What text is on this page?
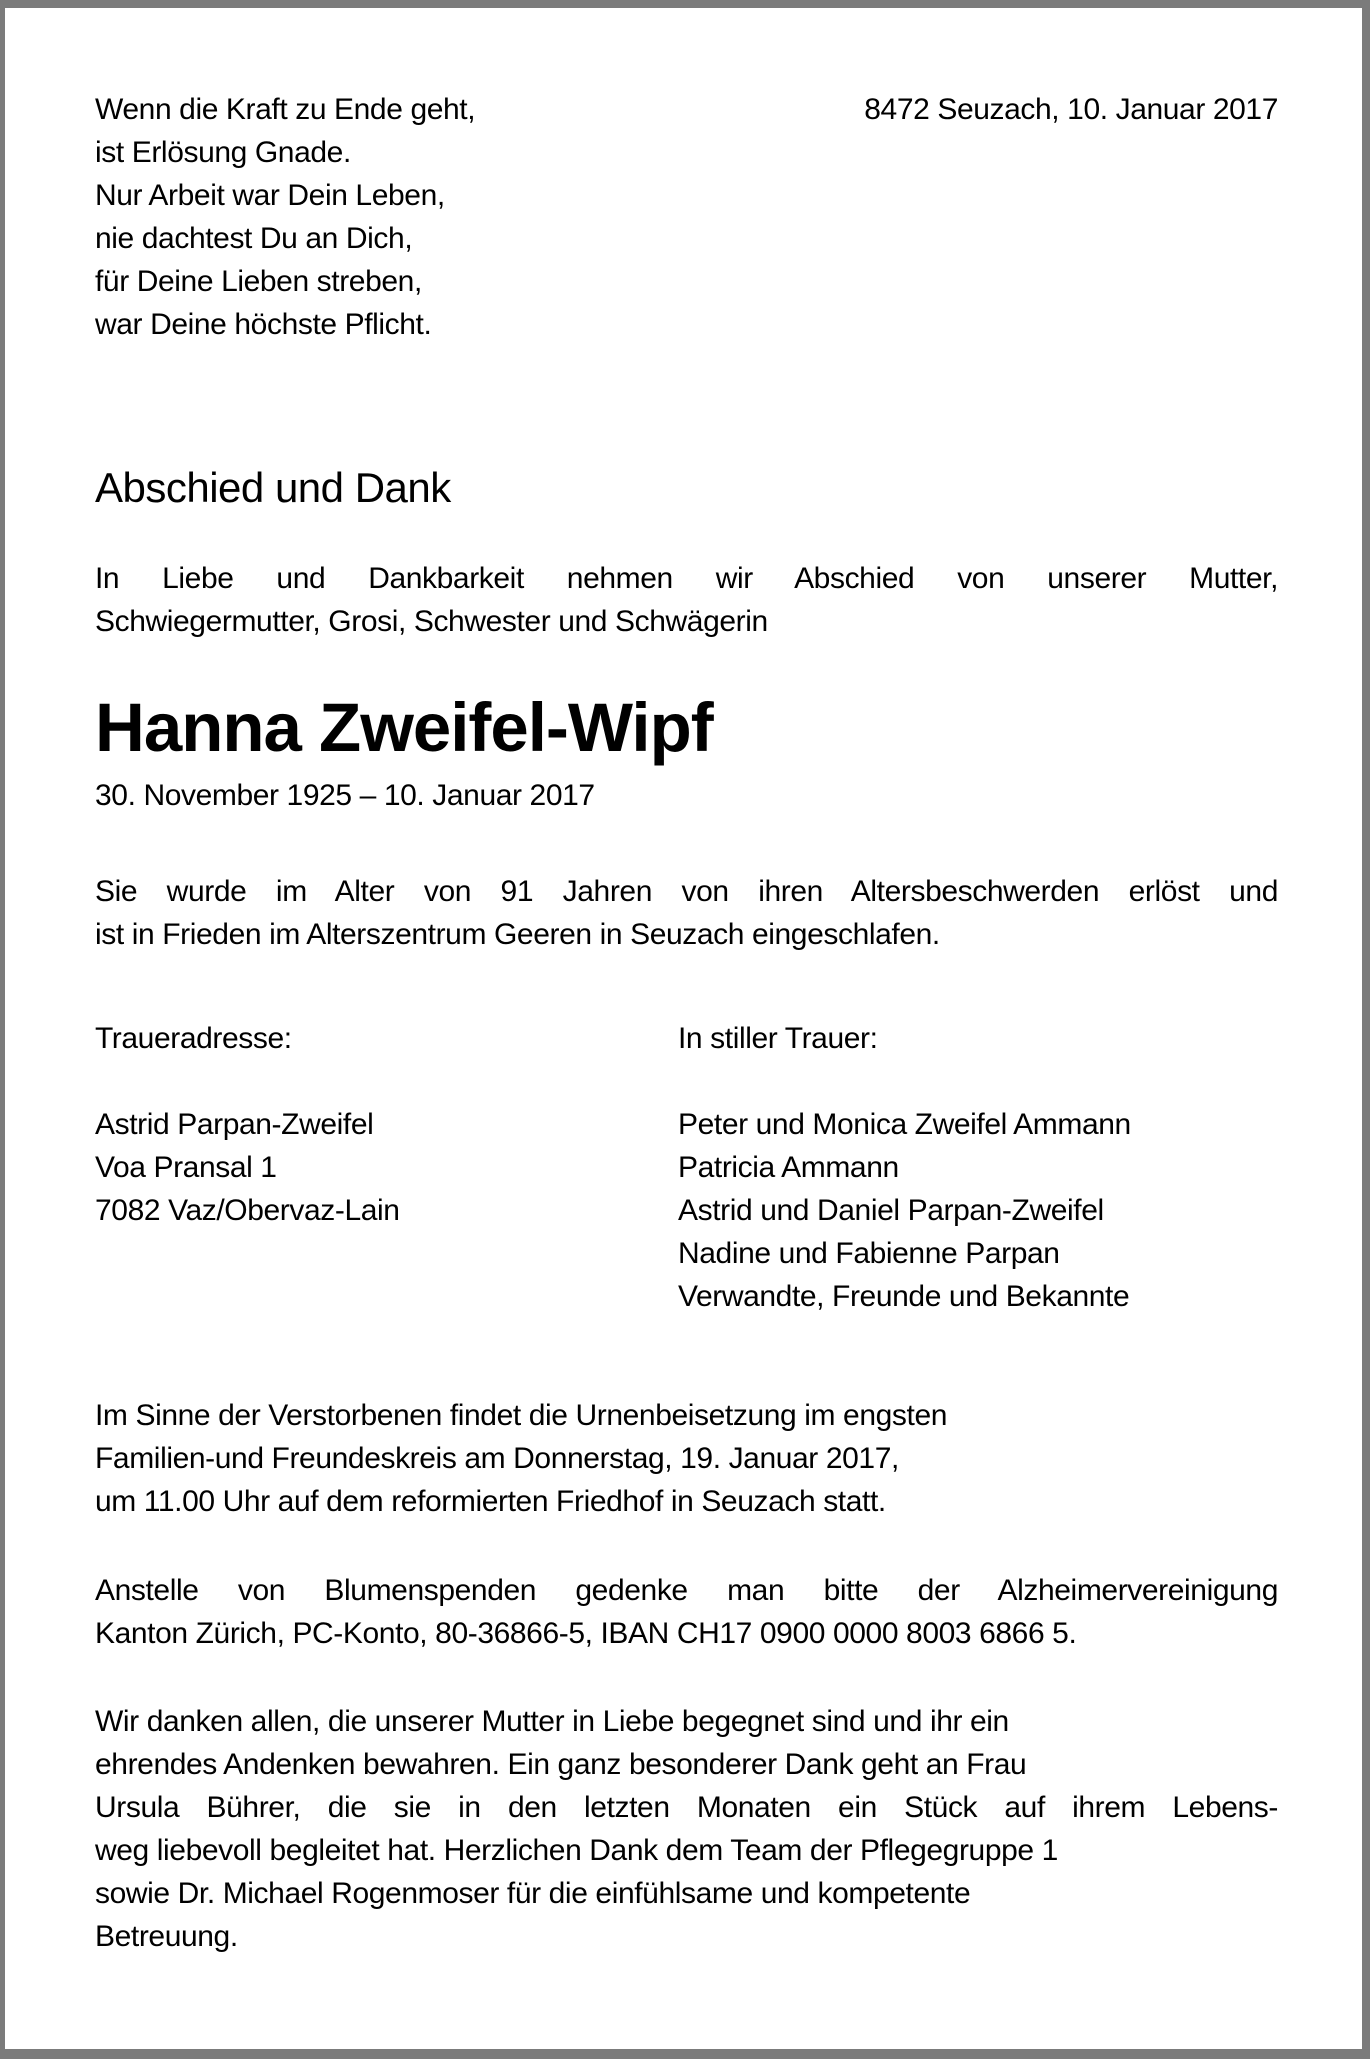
Wenn die Kraft zu Ende geht,
ist Erlösung Gnade.
Nur Arbeit war Dein Leben,
nie dachtest Du an Dich,
für Deine Lieben streben,
war Deine höchste Pflicht.
8472 Seuzach, 10. Januar 2017
Abschied und Dank
In Liebe und Dankbarkeit nehmen wir Abschied von unserer Mutter,
Schwiegermutter, Grosi, Schwester und Schwägerin
Hanna Zweifel-Wipf
30. November 1925 – 10. Januar 2017
Sie wurde im Alter von 91 Jahren von ihren Altersbeschwerden erlöst und
ist in Frieden im Alterszentrum Geeren in Seuzach eingeschlafen.
Traueradresse:
Astrid Parpan-Zweifel
Voa Pransal 1
7082 Vaz/Obervaz-Lain
In stiller Trauer:
Peter und Monica Zweifel Ammann
Patricia Ammann
Astrid und Daniel Parpan-Zweifel
Nadine und Fabienne Parpan
Verwandte, Freunde und Bekannte
Im Sinne der Verstorbenen findet die Urnenbeisetzung im engsten
Familien-und Freundeskreis am Donnerstag, 19. Januar 2017,
um 11.00 Uhr auf dem reformierten Friedhof in Seuzach statt.
Anstelle von Blumenspenden gedenke man bitte der Alzheimervereinigung
Kanton Zürich, PC-Konto, 80-36866-5, IBAN CH17 0900 0000 8003 6866 5.
Wir danken allen, die unserer Mutter in Liebe begegnet sind und ihr ein
ehrendes Andenken bewahren. Ein ganz besonderer Dank geht an Frau
Ursula Bührer, die sie in den letzten Monaten ein Stück auf ihrem Lebens-
weg liebevoll begleitet hat. Herzlichen Dank dem Team der Pflegegruppe 1
sowie Dr. Michael Rogenmoser für die einfühlsame und kompetente
Betreuung.
